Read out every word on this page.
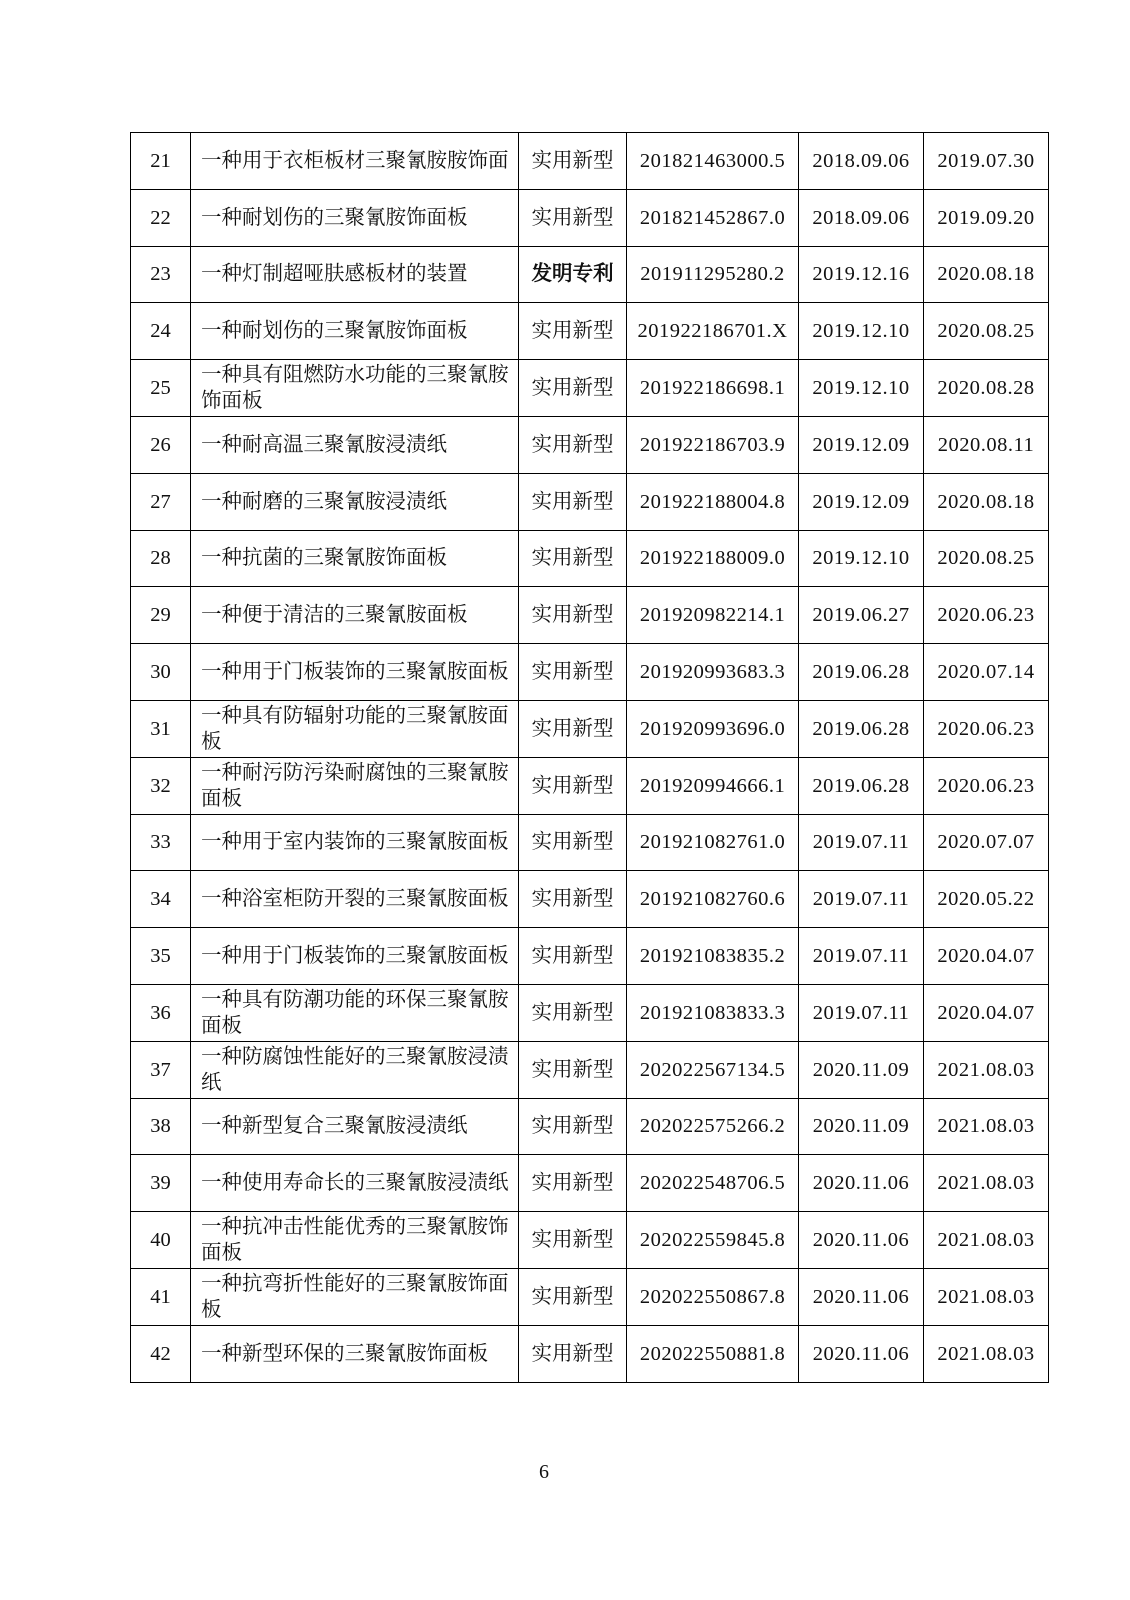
21	一种用于衣柜板材三聚氰胺胺饰面	实用新型	201821463000.5	2018.09.06	2019.07.30
22	一种耐划伤的三聚氰胺饰面板	实用新型	201821452867.0	2018.09.06	2019.09.20
23	一种灯制超哑肤感板材的装置	发明专利	201911295280.2	2019.12.16	2020.08.18
24	一种耐划伤的三聚氰胺饰面板	实用新型	201922186701.X	2019.12.10	2020.08.25
25	一种具有阻燃防水功能的三聚氰胺饰面板	实用新型	201922186698.1	2019.12.10	2020.08.28
26	一种耐高温三聚氰胺浸渍纸	实用新型	201922186703.9	2019.12.09	2020.08.11
27	一种耐磨的三聚氰胺浸渍纸	实用新型	201922188004.8	2019.12.09	2020.08.18
28	一种抗菌的三聚氰胺饰面板	实用新型	201922188009.0	2019.12.10	2020.08.25
29	一种便于清洁的三聚氰胺面板	实用新型	201920982214.1	2019.06.27	2020.06.23
30	一种用于门板装饰的三聚氰胺面板	实用新型	201920993683.3	2019.06.28	2020.07.14
31	一种具有防辐射功能的三聚氰胺面板	实用新型	201920993696.0	2019.06.28	2020.06.23
32	一种耐污防污染耐腐蚀的三聚氰胺面板	实用新型	201920994666.1	2019.06.28	2020.06.23
33	一种用于室内装饰的三聚氰胺面板	实用新型	201921082761.0	2019.07.11	2020.07.07
34	一种浴室柜防开裂的三聚氰胺面板	实用新型	201921082760.6	2019.07.11	2020.05.22
35	一种用于门板装饰的三聚氰胺面板	实用新型	201921083835.2	2019.07.11	2020.04.07
36	一种具有防潮功能的环保三聚氰胺面板	实用新型	201921083833.3	2019.07.11	2020.04.07
37	一种防腐蚀性能好的三聚氰胺浸渍纸	实用新型	202022567134.5	2020.11.09	2021.08.03
38	一种新型复合三聚氰胺浸渍纸	实用新型	202022575266.2	2020.11.09	2021.08.03
39	一种使用寿命长的三聚氰胺浸渍纸	实用新型	202022548706.5	2020.11.06	2021.08.03
40	一种抗冲击性能优秀的三聚氰胺饰面板	实用新型	202022559845.8	2020.11.06	2021.08.03
41	一种抗弯折性能好的三聚氰胺饰面板	实用新型	202022550867.8	2020.11.06	2021.08.03
42	一种新型环保的三聚氰胺饰面板	实用新型	202022550881.8	2020.11.06	2021.08.03
6
